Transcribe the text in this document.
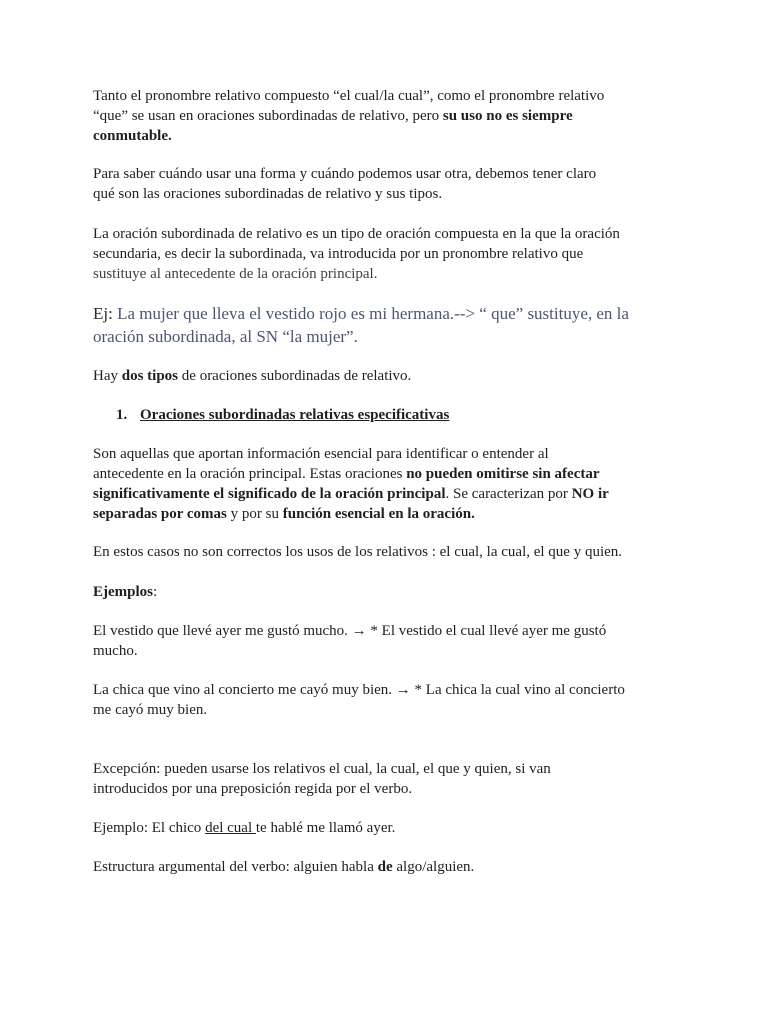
Tanto el pronombre relativo compuesto “el cual/la cual”, como el pronombre relativo
“que” se usan en oraciones subordinadas de relativo, pero su uso no es siempre
conmutable.

Para saber cuándo usar una forma y cuándo podemos usar otra, debemos tener claro
qué son las oraciones subordinadas de relativo y sus tipos.

La oración subordinada de relativo es un tipo de oración compuesta en la que la oración
secundaria, es decir la subordinada, va introducida por un pronombre relativo que
sustituye al antecedente de la oración principal.

Ej: La mujer que lleva el vestido rojo es mi hermana.--> “ que” sustituye, en la
oración subordinada, al SN “la mujer”.

Hay dos tipos de oraciones subordinadas de relativo.

1. Oraciones subordinadas relativas especificativas

Son aquellas que aportan información esencial para identificar o entender al
antecedente en la oración principal. Estas oraciones no pueden omitirse sin afectar
significativamente el significado de la oración principal. Se caracterizan por NO ir
separadas por comas y por su función esencial en la oración.

En estos casos no son correctos los usos de los relativos : el cual, la cual, el que y quien.

Ejemplos:

El vestido que llevé ayer me gustó mucho. → * El vestido el cual llevé ayer me gustó
mucho.

La chica que vino al concierto me cayó muy bien. → * La chica la cual vino al concierto
me cayó muy bien.

Excepción: pueden usarse los relativos el cual, la cual, el que y quien, si van
introducidos por una preposición regida por el verbo.

Ejemplo: El chico del cual te hablé me llamó ayer.

Estructura argumental del verbo: alguien habla de algo/alguien.
